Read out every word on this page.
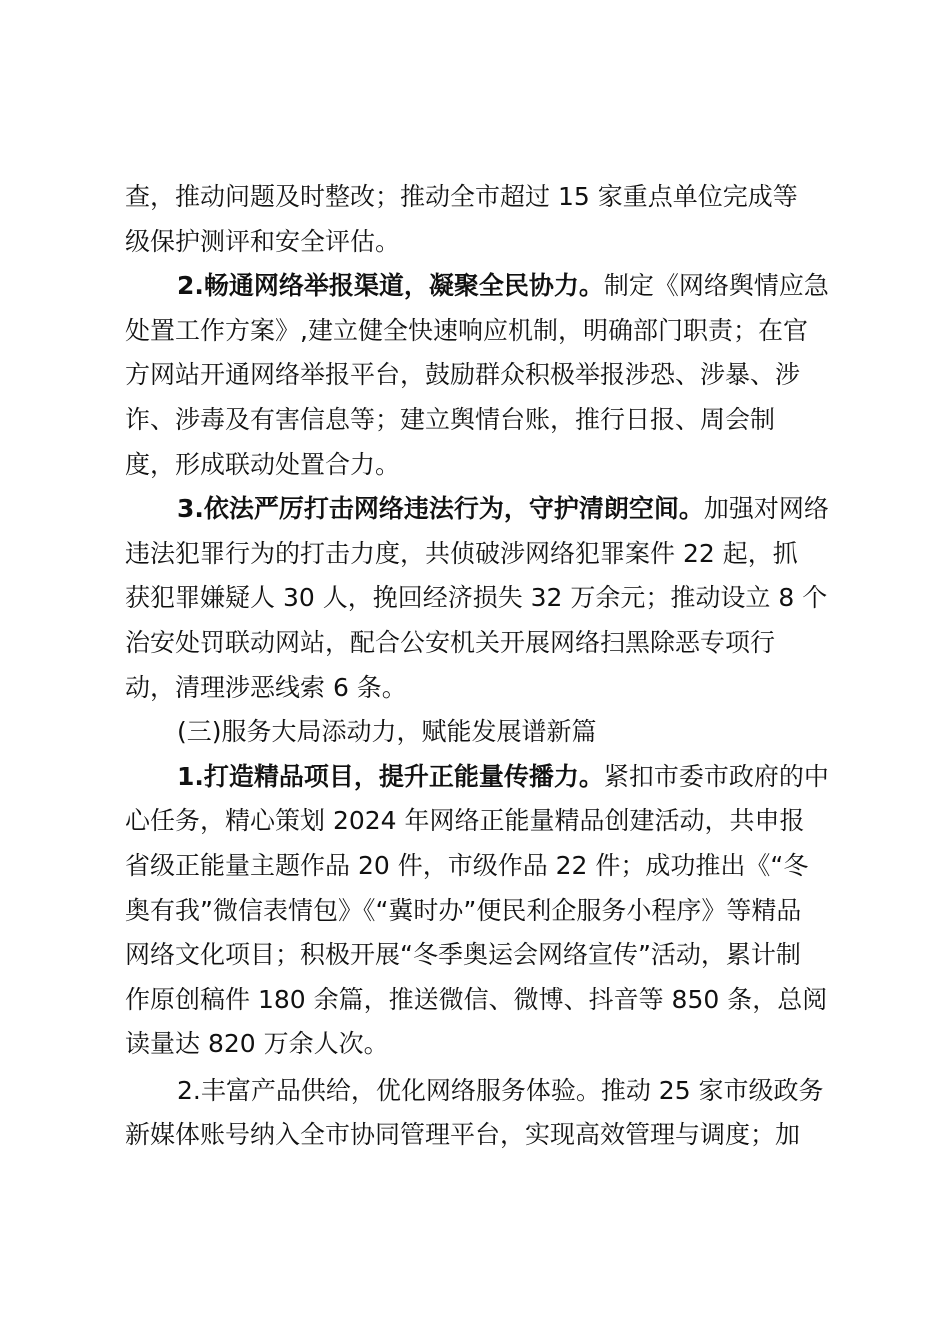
查，推动问题及时整改；推动全市超过 15 家重点单位完成等
级保护测评和安全评估。
2.畅通网络举报渠道，凝聚全民协力。制定《网络舆情应急
处置工作方案》,建立健全快速响应机制，明确部门职责；在官
方网站开通网络举报平台，鼓励群众积极举报涉恐、涉暴、涉
诈、涉毒及有害信息等；建立舆情台账，推行日报、周会制
度，形成联动处置合力。
3.依法严厉打击网络违法行为，守护清朗空间。加强对网络
违法犯罪行为的打击力度，共侦破涉网络犯罪案件 22 起，抓
获犯罪嫌疑人 30 人，挽回经济损失 32 万余元；推动设立 8 个
治安处罚联动网站，配合公安机关开展网络扫黑除恶专项行
动，清理涉恶线索 6 条。
(三)服务大局添动力，赋能发展谱新篇
1.打造精品项目，提升正能量传播力。紧扣市委市政府的中
心任务，精心策划 2024 年网络正能量精品创建活动，共申报
省级正能量主题作品 20 件，市级作品 22 件；成功推出《“冬
奥有我”微信表情包》《“冀时办”便民利企服务小程序》等精品
网络文化项目；积极开展“冬季奥运会网络宣传”活动，累计制
作原创稿件 180 余篇，推送微信、微博、抖音等 850 条，总阅
读量达 820 万余人次。
2.丰富产品供给，优化网络服务体验。推动 25 家市级政务
新媒体账号纳入全市协同管理平台，实现高效管理与调度；加
